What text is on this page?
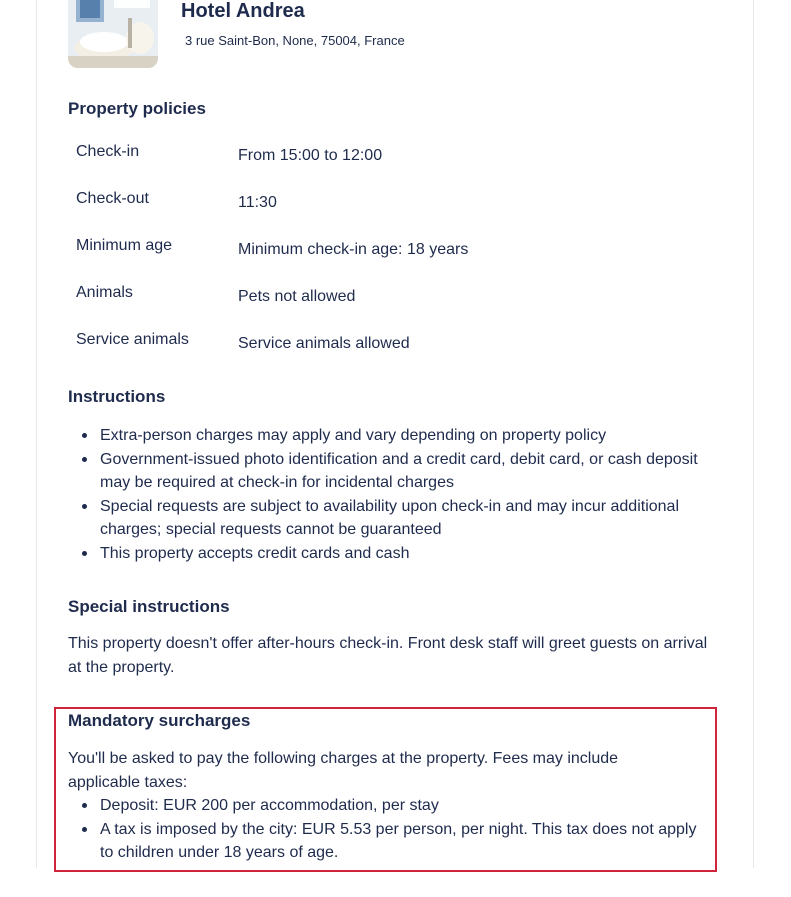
Hotel Andrea
3 rue Saint-Bon, None, 75004, France
Property policies
Check-in	From 15:00 to 12:00
Check-out	11:30
Minimum age	Minimum check-in age: 18 years
Animals	Pets not allowed
Service animals	Service animals allowed
Instructions
Extra-person charges may apply and vary depending on property policy
Government-issued photo identification and a credit card, debit card, or cash deposit may be required at check-in for incidental charges
Special requests are subject to availability upon check-in and may incur additional charges; special requests cannot be guaranteed
This property accepts credit cards and cash
Special instructions

This property doesn't offer after-hours check-in. Front desk staff will greet guests on arrival at the property.

Mandatory surcharges

You'll be asked to pay the following charges at the property. Fees may include applicable taxes:

Deposit: EUR 200 per accommodation, per stay
A tax is imposed by the city: EUR 5.53 per person, per night. This tax does not apply to children under 18 years of age.
